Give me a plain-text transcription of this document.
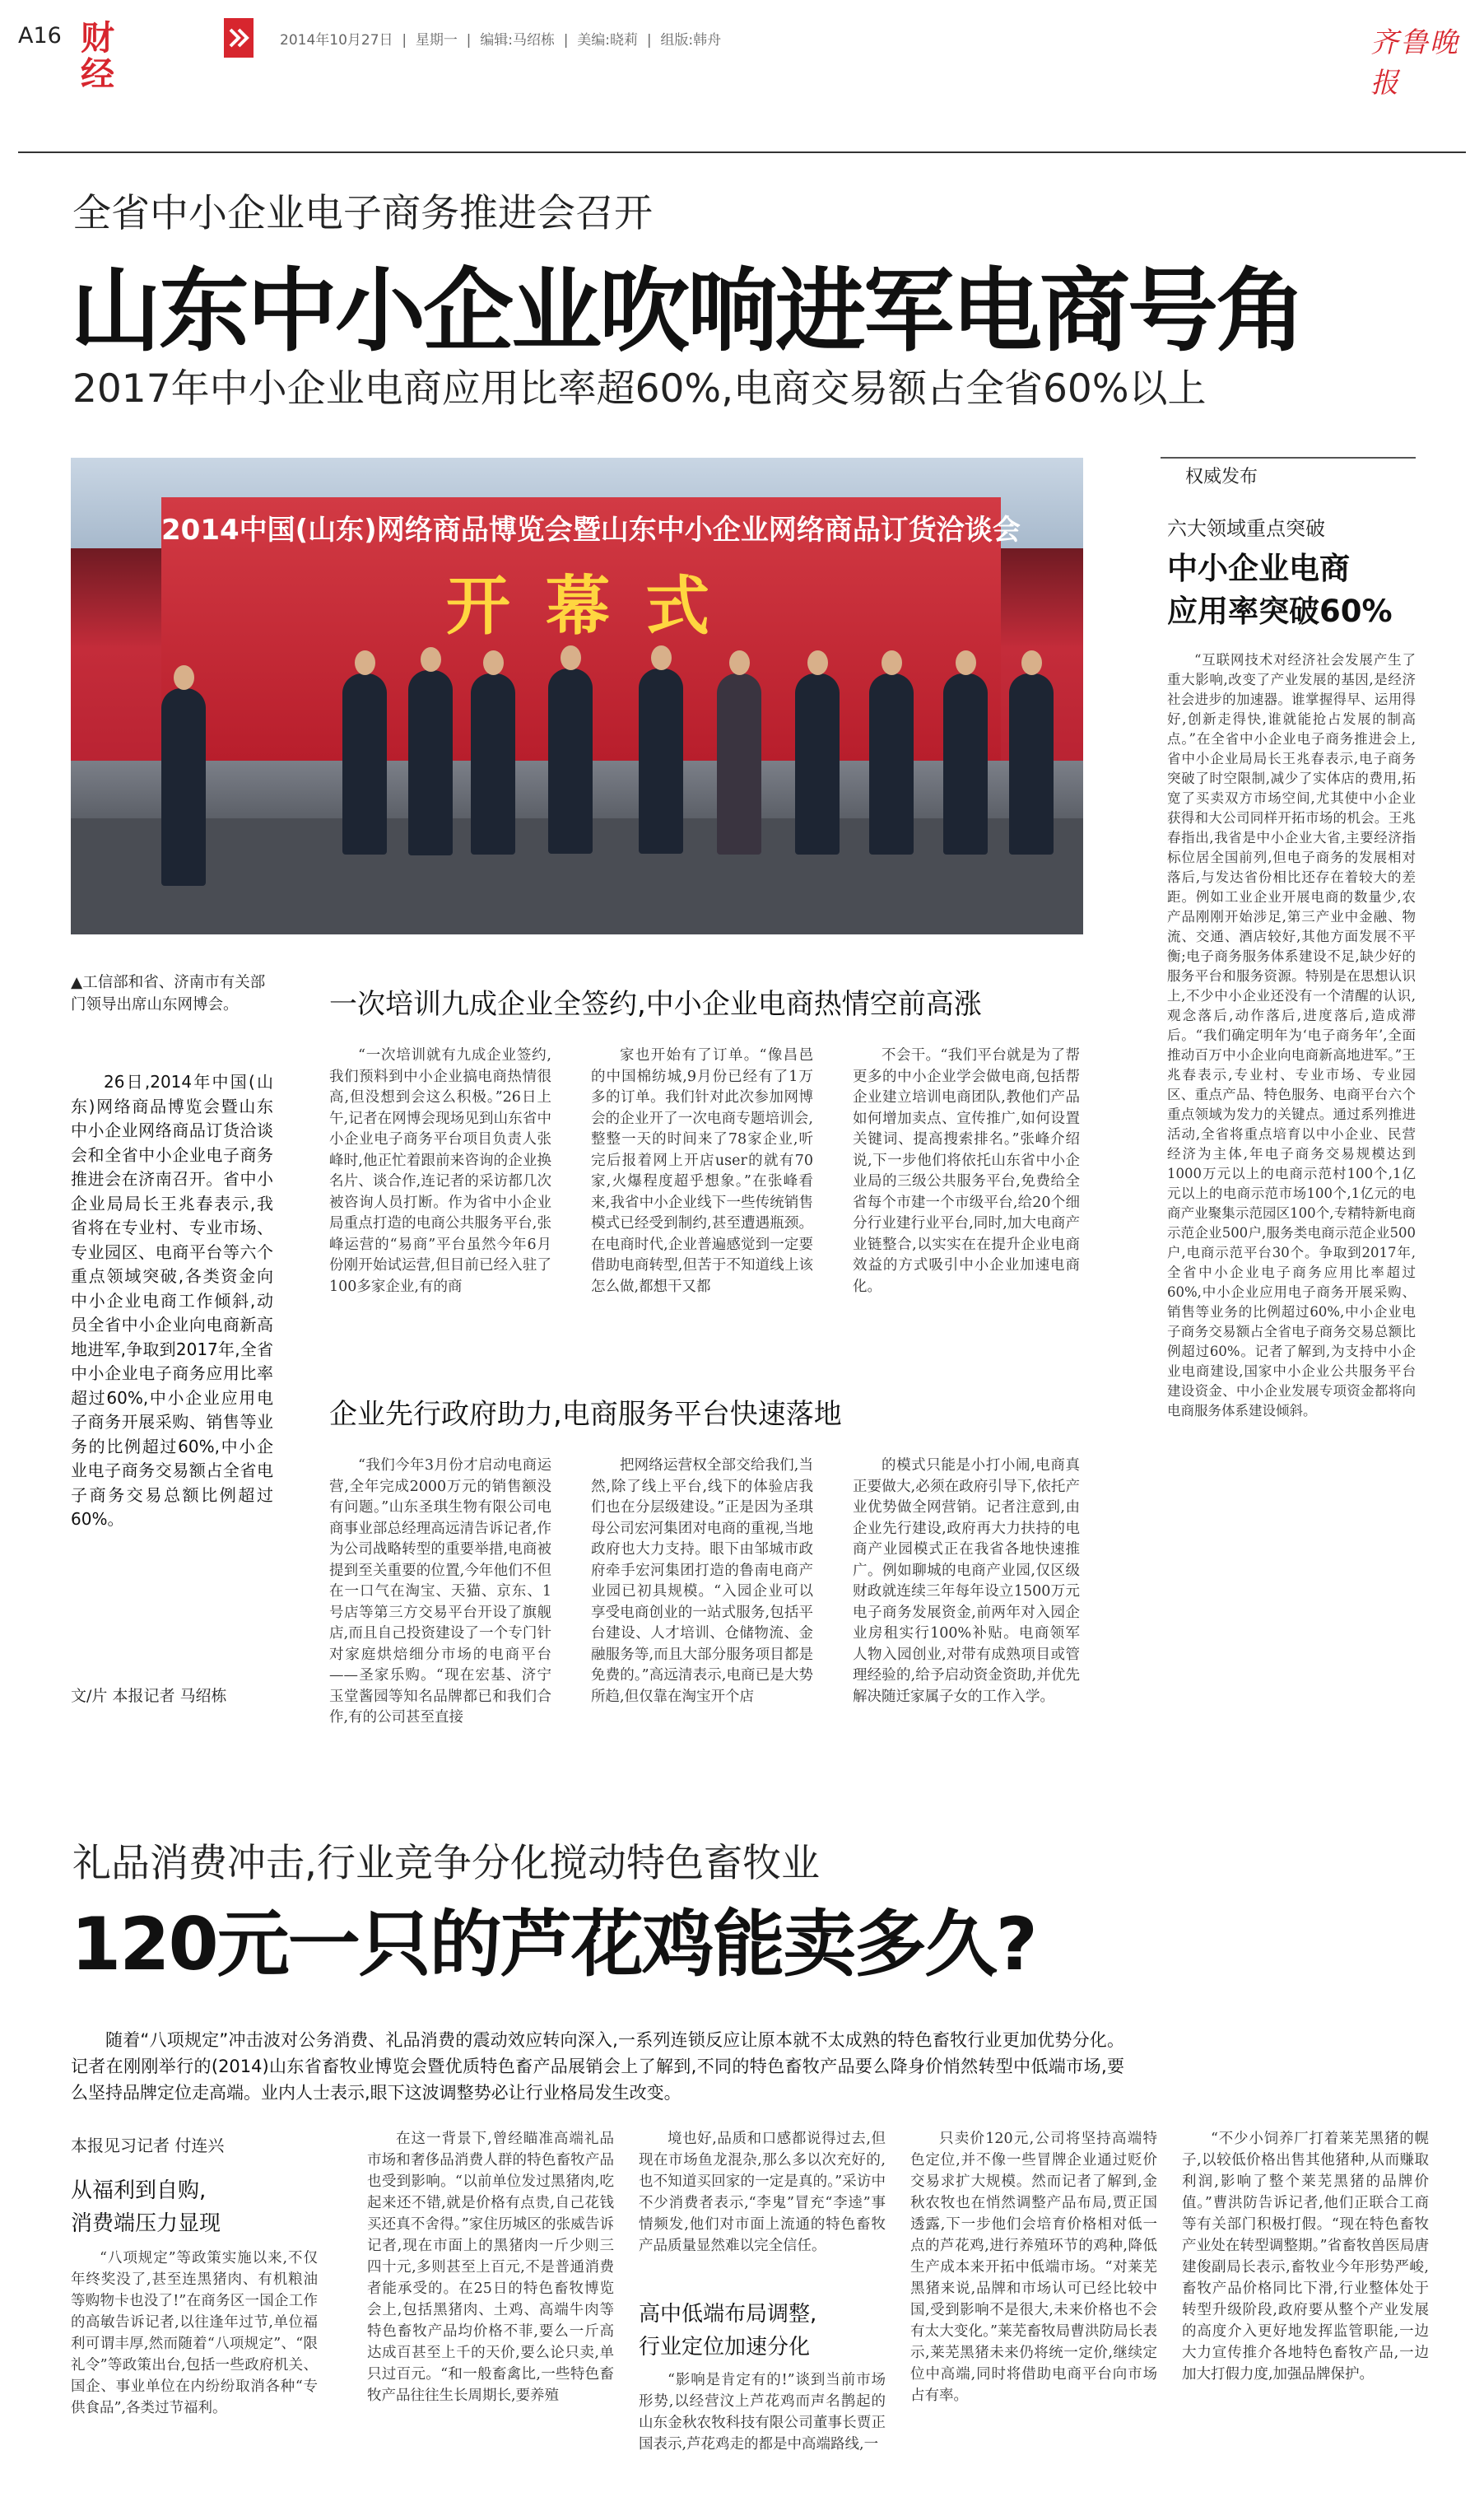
A16 财经
2014年10月27日  |  星期一  |  编辑:马绍栋  |  美编:晓莉  |  组版:韩舟	齐鲁晚报
全省中小企业电子商务推进会召开
山东中小企业吹响进军电商号角
2017年中小企业电商应用比率超60%,电商交易额占全省60%以上
2014中国(山东)网络商品博览会暨山东中小企业网络商品订货洽谈会
开 幕 式
▲工信部和省、济南市有关部门领导出席山东网博会。
26日,2014年中国(山东)网络商品博览会暨山东中小企业网络商品订货洽谈会和全省中小企业电子商务推进会在济南召开。省中小企业局局长王兆春表示,我省将在专业村、专业市场、专业园区、电商平台等六个重点领域突破,各类资金向中小企业电商工作倾斜,动员全省中小企业向电商新高地进军,争取到2017年,全省中小企业电子商务应用比率超过60%,中小企业应用电子商务开展采购、销售等业务的比例超过60%,中小企业电子商务交易额占全省电子商务交易总额比例超过60%。
文/片 本报记者 马绍栋
一次培训九成企业全签约,中小企业电商热情空前高涨

“一次培训就有九成企业签约,我们预料到中小企业搞电商热情很高,但没想到会这么积极。”26日上午,记者在网博会现场见到山东省中小企业电子商务平台项目负责人张峰时,他正忙着跟前来咨询的企业换名片、谈合作,连记者的采访都几次被咨询人员打断。作为省中小企业局重点打造的电商公共服务平台,张峰运营的“易商”平台虽然今年6月份刚开始试运营,但目前已经入驻了100多家企业,有的商

家也开始有了订单。“像昌邑的中国棉纺城,9月份已经有了1万多的订单。我们针对此次参加网博会的企业开了一次电商专题培训会,整整一天的时间来了78家企业,听完后报着网上开店user的就有70家,火爆程度超乎想象。”在张峰看来,我省中小企业线下一些传统销售模式已经受到制约,甚至遭遇瓶颈。在电商时代,企业普遍感觉到一定要借助电商转型,但苦于不知道线上该怎么做,都想干又都

不会干。“我们平台就是为了帮更多的中小企业学会做电商,包括帮企业建立培训电商团队,教他们产品如何增加卖点、宣传推广,如何设置关键词、提高搜索排名。”张峰介绍说,下一步他们将依托山东省中小企业局的三级公共服务平台,免费给全省每个市建一个市级平台,给20个细分行业建行业平台,同时,加大电商产业链整合,以实实在在提升企业电商效益的方式吸引中小企业加速电商化。

企业先行政府助力,电商服务平台快速落地

“我们今年3月份才启动电商运营,全年完成2000万元的销售额没有问题。”山东圣琪生物有限公司电商事业部总经理高远清告诉记者,作为公司战略转型的重要举措,电商被提到至关重要的位置,今年他们不但在一口气在淘宝、天猫、京东、1号店等第三方交易平台开设了旗舰店,而且自己投资建设了一个专门针对家庭烘焙细分市场的电商平台——圣家乐购。“现在宏基、济宁玉堂酱园等知名品牌都已和我们合作,有的公司甚至直接

把网络运营权全部交给我们,当然,除了线上平台,线下的体验店我们也在分层级建设。”正是因为圣琪母公司宏河集团对电商的重视,当地政府也大力支持。眼下由邹城市政府牵手宏河集团打造的鲁南电商产业园已初具规模。“入园企业可以享受电商创业的一站式服务,包括平台建设、人才培训、仓储物流、金融服务等,而且大部分服务项目都是免费的。”高远清表示,电商已是大势所趋,但仅靠在淘宝开个店

的模式只能是小打小闹,电商真正要做大,必须在政府引导下,依托产业优势做全网营销。记者注意到,由企业先行建设,政府再大力扶持的电商产业园模式正在我省各地快速推广。例如聊城的电商产业园,仅区级财政就连续三年每年设立1500万元电子商务发展资金,前两年对入园企业房租实行100%补贴。电商领军人物入园创业,对带有成熟项目或管理经验的,给予启动资金资助,并优先解决随迁家属子女的工作入学。

权威发布
六大领域重点突破
中小企业电商
应用率突破60%

“互联网技术对经济社会发展产生了重大影响,改变了产业发展的基因,是经济社会进步的加速器。谁掌握得早、运用得好,创新走得快,谁就能抢占发展的制高点。”在全省中小企业电子商务推进会上,省中小企业局局长王兆春表示,电子商务突破了时空限制,减少了实体店的费用,拓宽了买卖双方市场空间,尤其使中小企业获得和大公司同样开拓市场的机会。王兆春指出,我省是中小企业大省,主要经济指标位居全国前列,但电子商务的发展相对落后,与发达省份相比还存在着较大的差距。例如工业企业开展电商的数量少,农产品刚刚开始涉足,第三产业中金融、物流、交通、酒店较好,其他方面发展不平衡;电子商务服务体系建设不足,缺少好的服务平台和服务资源。特别是在思想认识上,不少中小企业还没有一个清醒的认识,观念落后,动作落后,进度落后,造成滞后。“我们确定明年为‘电子商务年’,全面推动百万中小企业向电商新高地进军。”王兆春表示,专业村、专业市场、专业园区、重点产品、特色服务、电商平台六个重点领域为发力的关键点。通过系列推进活动,全省将重点培育以中小企业、民营经济为主体,年电子商务交易规模达到1000万元以上的电商示范村100个,1亿元以上的电商示范市场100个,1亿元的电商产业聚集示范园区100个,专精特新电商示范企业500户,服务类电商示范企业500户,电商示范平台30个。争取到2017年,全省中小企业电子商务应用比率超过60%,中小企业应用电子商务开展采购、销售等业务的比例超过60%,中小企业电子商务交易额占全省电子商务交易总额比例超过60%。记者了解到,为支持中小企业电商建设,国家中小企业公共服务平台建设资金、中小企业发展专项资金都将向电商服务体系建设倾斜。

礼品消费冲击,行业竞争分化搅动特色畜牧业
120元一只的芦花鸡能卖多久?

随着“八项规定”冲击波对公务消费、礼品消费的震动效应转向深入,一系列连锁反应让原本就不太成熟的特色畜牧行业更加优势分化。记者在刚刚举行的(2014)山东省畜牧业博览会暨优质特色畜产品展销会上了解到,不同的特色畜牧产品要么降身价悄然转型中低端市场,要么坚持品牌定位走高端。业内人士表示,眼下这波调整势必让行业格局发生改变。

本报见习记者 付连兴
从福利到自购,
消费端压力显现

“八项规定”等政策实施以来,不仅年终奖没了,甚至连黑猪肉、有机粮油等购物卡也没了!”在商务区一国企工作的高敏告诉记者,以往逢年过节,单位福利可谓丰厚,然而随着“八项规定”、“限礼令”等政策出台,包括一些政府机关、国企、事业单位在内纷纷取消各种“专供食品”,各类过节福利。

在这一背景下,曾经瞄准高端礼品市场和奢侈品消费人群的特色畜牧产品也受到影响。“以前单位发过黑猪肉,吃起来还不错,就是价格有点贵,自己花钱买还真不舍得。”家住历城区的张威告诉记者,现在市面上的黑猪肉一斤少则三四十元,多则甚至上百元,不是普通消费者能承受的。在25日的特色畜牧博览会上,包括黑猪肉、土鸡、高端牛肉等特色畜牧产品均价格不菲,要么一斤高达成百甚至上千的天价,要么论只卖,单只过百元。“和一般畜禽比,一些特色畜牧产品往往生长周期长,要养殖

境也好,品质和口感都说得过去,但现在市场鱼龙混杂,那么多以次充好的,也不知道买回家的一定是真的。”采访中不少消费者表示,“李鬼”冒充“李逵”事情频发,他们对市面上流通的特色畜牧产品质量显然难以完全信任。

高中低端布局调整,
行业定位加速分化

“影响是肯定有的!”谈到当前市场形势,以经营汶上芦花鸡而声名鹊起的山东金秋农牧科技有限公司董事长贾正国表示,芦花鸡走的都是中高端路线,一

只卖价120元,公司将坚持高端特色定位,并不像一些冒牌企业通过贬价交易求扩大规模。然而记者了解到,金秋农牧也在悄然调整产品布局,贾正国透露,下一步他们会培育价格相对低一点的芦花鸡,进行养殖环节的鸡种,降低生产成本来开拓中低端市场。“对莱芜黑猪来说,品牌和市场认可已经比较中国,受到影响不是很大,未来价格也不会有太大变化。”莱芜畜牧局曹洪防局长表示,莱芜黑猪未来仍将统一定价,继续定位中高端,同时将借助电商平台向市场占有率。

“不少小饲养厂打着莱芜黑猪的幌子,以较低价格出售其他猪种,从而赚取利润,影响了整个莱芜黑猪的品牌价值。”曹洪防告诉记者,他们正联合工商等有关部门积极打假。“现在特色畜牧产业处在转型调整期。”省畜牧兽医局唐建俊副局长表示,畜牧业今年形势严峻,畜牧产品价格同比下滑,行业整体处于转型升级阶段,政府要从整个产业发展的高度介入更好地发挥监管职能,一边大力宣传推介各地特色畜牧产品,一边加大打假力度,加强品牌保护。
